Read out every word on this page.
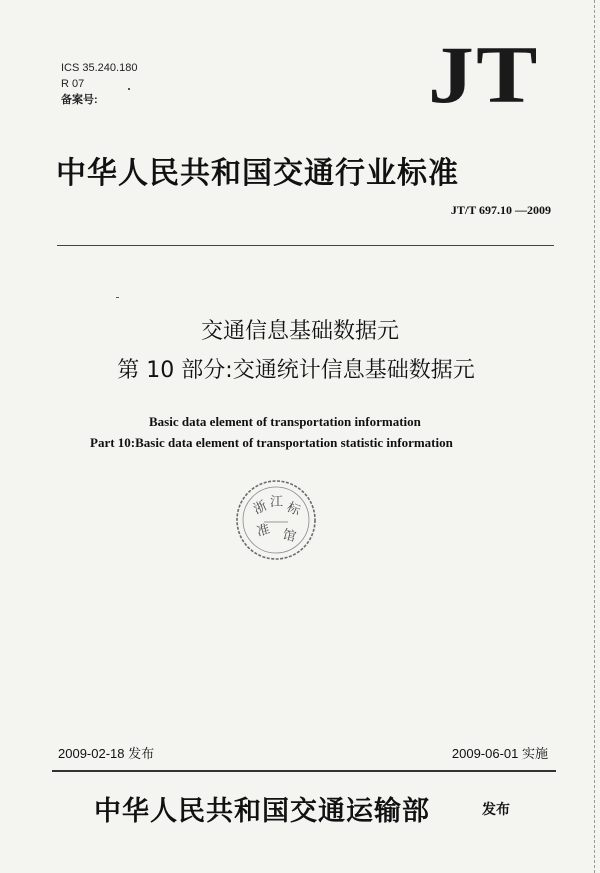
ICS 35.240.180
R 07
备案号:	JT
中华人民共和国交通行业标准
JT/T 697.10 —2009
交通信息基础数据元
第 10 部分:交通统计信息基础数据元
Basic data element of transportation information
Part 10:Basic data element of transportation statistic information
浙 江 标
准 馆
2009-02-18 发布	2009-06-01 实施
中华人民共和国交通运输部	发布
